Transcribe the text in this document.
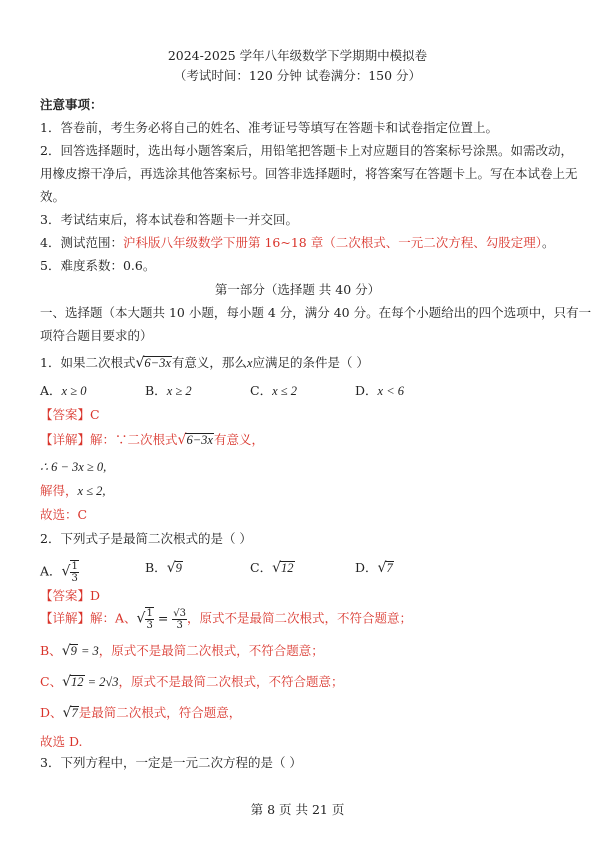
2024-2025 学年八年级数学下学期期中模拟卷
（考试时间：120 分钟 试卷满分：150 分）
注意事项：
1．答卷前，考生务必将自己的姓名、准考证号等填写在答题卡和试卷指定位置上。
2．回答选择题时，选出每小题答案后，用铅笔把答题卡上对应题目的答案标号涂黑。如需改动，
用橡皮擦干净后，再选涂其他答案标号。回答非选择题时，将答案写在答题卡上。写在本试卷上无
效。
3．考试结束后，将本试卷和答题卡一并交回。
4．测试范围：沪科版八年级数学下册第 16~18 章（二次根式、一元二次方程、勾股定理）。
5．难度系数：0.6。
第一部分（选择题 共 40 分）
一、选择题（本大题共 10 小题，每小题 4 分，满分 40 分。在每个小题给出的四个选项中，只有一
项符合题目要求的）
1．如果二次根式√6−3x有意义，那么x应满足的条件是（ ）
A．x ≥ 0	B．x ≥ 2	C．x ≤ 2	D．x < 6
【答案】C
【详解】解：∵二次根式√6−3x有意义，
∴ 6 − 3x ≥ 0,
解得，x ≤ 2,
故选：C
2．下列式子是最简二次根式的是（ ）
A．√ $\frac{1}{3}$	B．√9	C．√12	D．√7
【答案】D
【详解】解：A、√ $\frac{1}{3} = \frac{√3}{3}$ ，原式不是最简二次根式，不符合题意；
B、√9 = 3，原式不是最简二次根式，不符合题意；
C、√12 = 2√3，原式不是最简二次根式，不符合题意；
D、√7是最简二次根式，符合题意，
故选 D.
3．下列方程中，一定是一元二次方程的是（ ）
第 8 页 共 21 页
